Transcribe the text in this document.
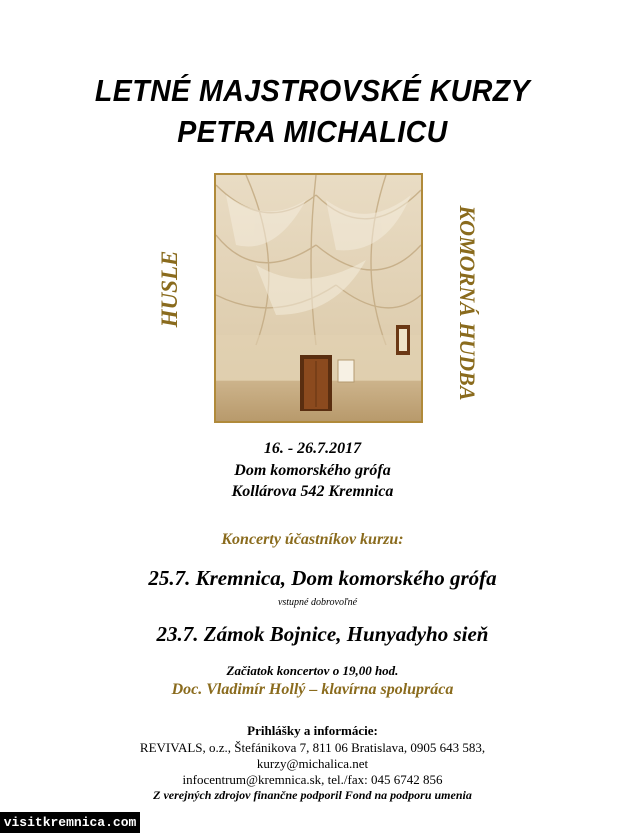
LETNÉ MAJSTROVSKÉ KURZY
PETRA MICHALICU
HUSLE	KOMORNÁ HUDBA
16. - 26.7.2017
Dom komorského grófa
Kollárova 542 Kremnica
Koncerty účastníkov kurzu:
25.7. Kremnica, Dom komorského grófa
vstupné dobrovoľné
23.7. Zámok Bojnice, Hunyadyho sieň
Začiatok koncertov o 19,00 hod.
Doc. Vladimír Hollý – klavírna spolupráca
Prihlášky a informácie:
REVIVALS, o.z., Štefánikova 7, 811 06 Bratislava, 0905 643 583,
kurzy@michalica.net
infocentrum@kremnica.sk, tel./fax: 045 6742 856
Z verejných zdrojov finančne podporil Fond na podporu umenia
visitkremnica.com
